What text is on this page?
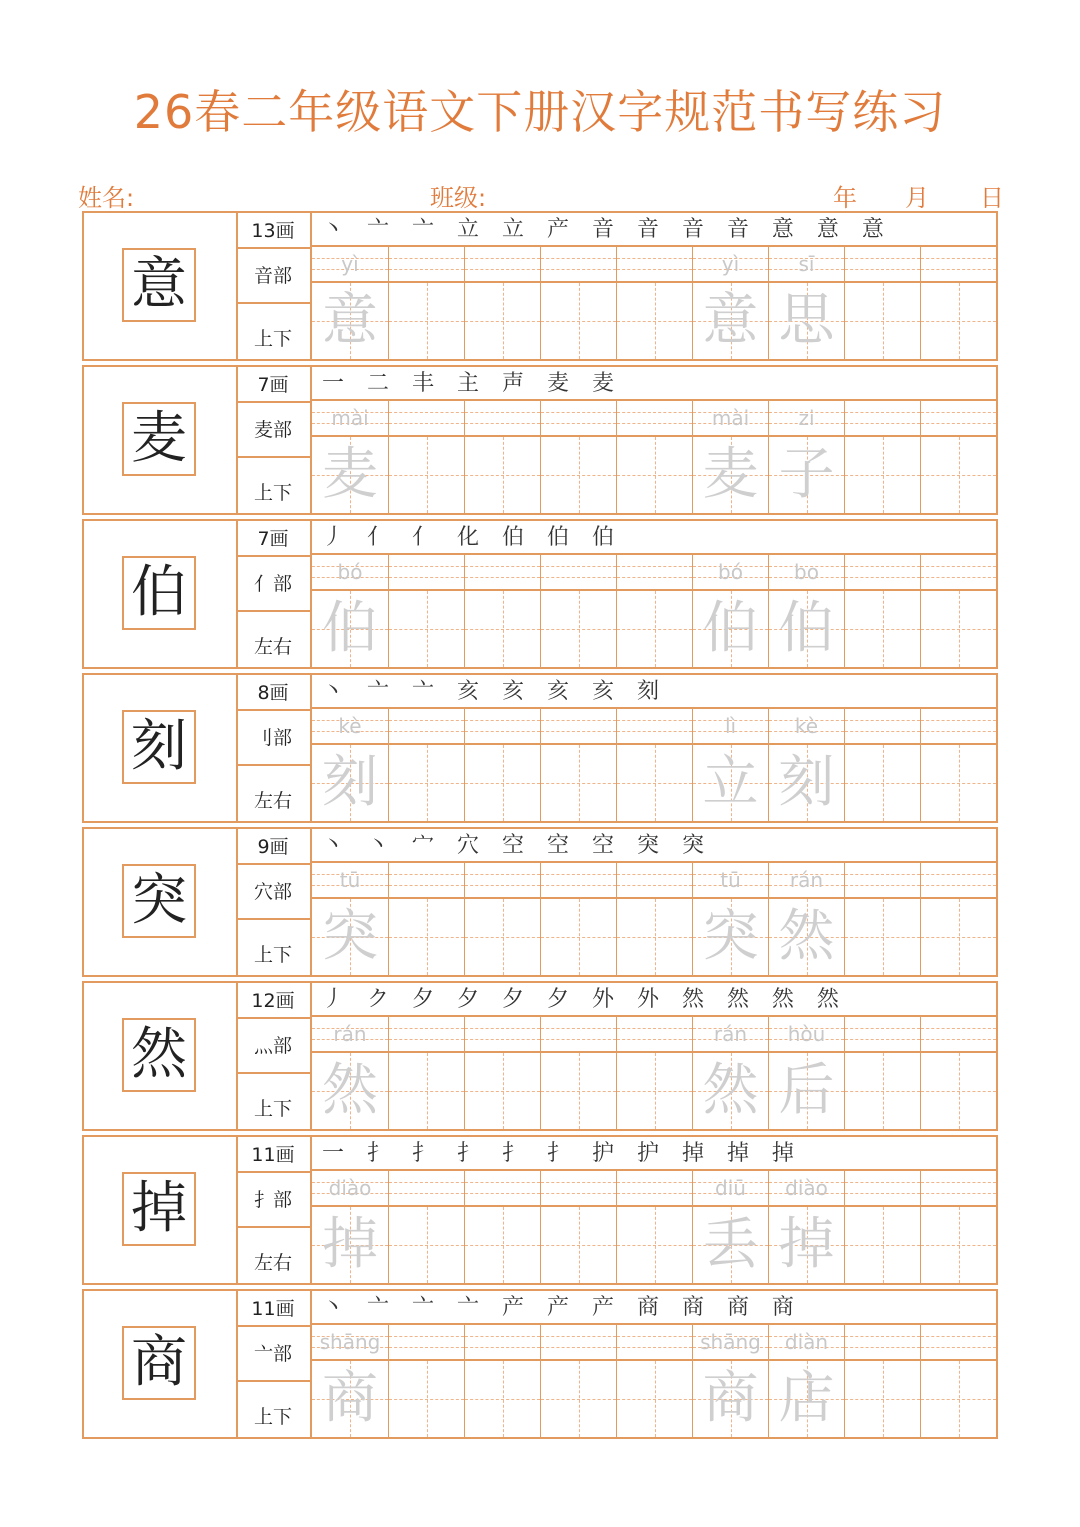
26春二年级语文下册汉字规范书写练习
姓名:	班级:	年 月 日
意
13画
音部
上下
丶 亠 亠 立 立 产 音 音 音 音 意 意 意
yì
意
yì
意
sī
思
麦
7画
麦部
上下
一 二 丰 主 声 麦 麦
mài
麦
mài
麦
zi
子
伯
7画
亻部
左右
丿 亻 亻 化 伯 伯 伯
bó
伯
bó
伯
bo
伯
刻
8画
刂部
左右
丶 亠 亠 亥 亥 亥 亥 刻
kè
刻
lì
立
kè
刻
突
9画
穴部
上下
丶 丶 宀 穴 空 空 空 突 突
tū
突
tū
突
rán
然
然
12画
灬部
上下
丿 ク 夕 夕 夕 夕 外 外 然 然 然 然
rán
然
rán
然
hòu
后
掉
11画
扌部
左右
一 扌 扌 扌 扌 扌 护 护 掉 掉 掉
diào
掉
diū
丢
diào
掉
商
11画
亠部
上下
丶 亠 亠 亠 产 产 产 商 商 商 商
shāng
商
shāng
商
diàn
店
